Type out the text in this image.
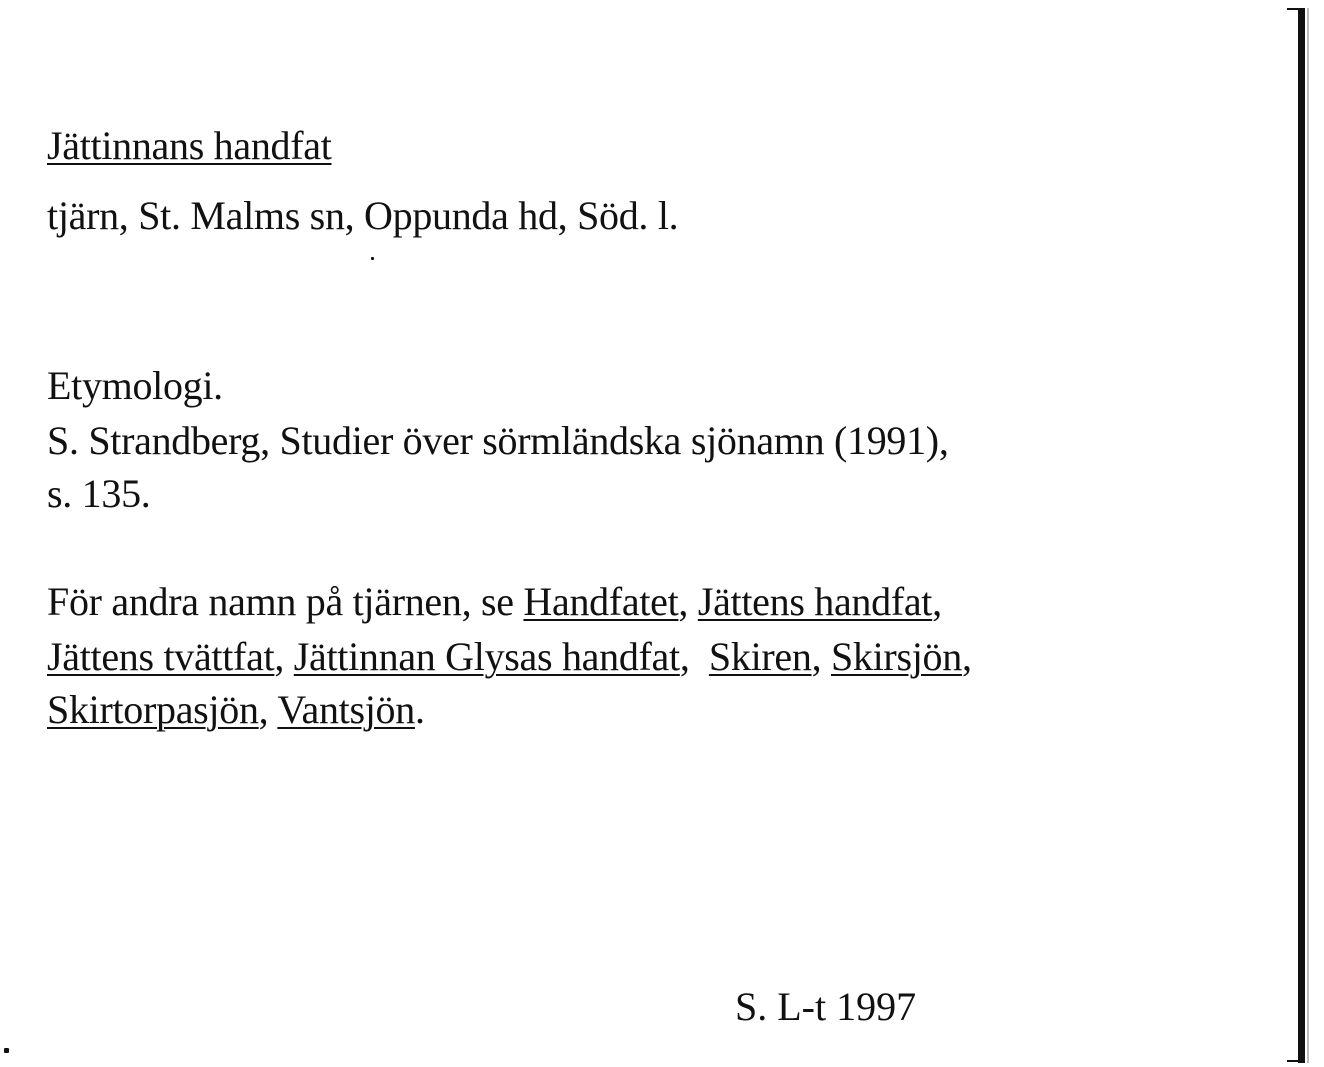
Jättinnans handfat
tjärn, St. Malms sn, Oppunda hd, Söd. l.
Etymologi.
S. Strandberg, Studier över sörmländska sjönamn (1991),
s. 135.
För andra namn på tjärnen, se Handfatet, Jättens handfat,
Jättens tvättfat, Jättinnan Glysas handfat,  Skiren, Skirsjön,
Skirtorpasjön, Vantsjön.
S. L-t 1997
